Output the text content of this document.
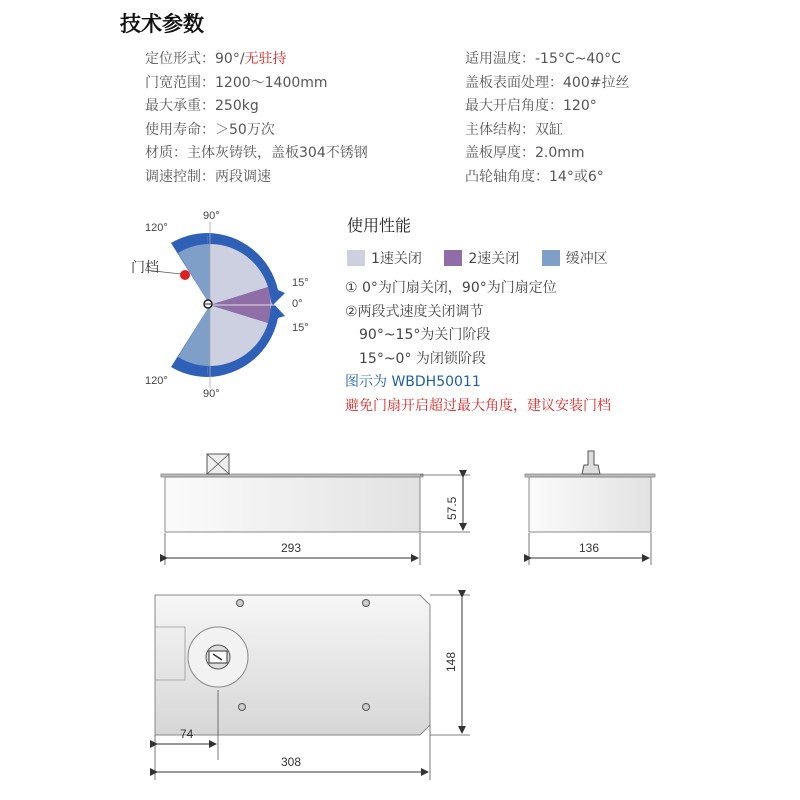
技术参数
定位形式：90°/无驻持
门宽范围：1200～1400mm
最大承重：250kg
使用寿命：＞50万次
材质：主体灰铸铁，盖板304不锈钢
调速控制：两段调速
适用温度：-15°C~40°C
盖板表面处理：400#拉丝
最大开启角度：120°
主体结构：双缸
盖板厚度：2.0mm
凸轮轴角度：14°或6°
90°
120°
门档
15°
0°
15°
120°
90°
293
57.5
136
74
308
148
使用性能
1速关闭
	2速关闭
	缓冲区
① 0°为门扇关闭，90°为门扇定位
②两段式速度关闭调节
90°~15°为关门阶段
15°~0° 为闭锁阶段
图示为 WBDH50011
避免门扇开启超过最大角度，建议安装门档
